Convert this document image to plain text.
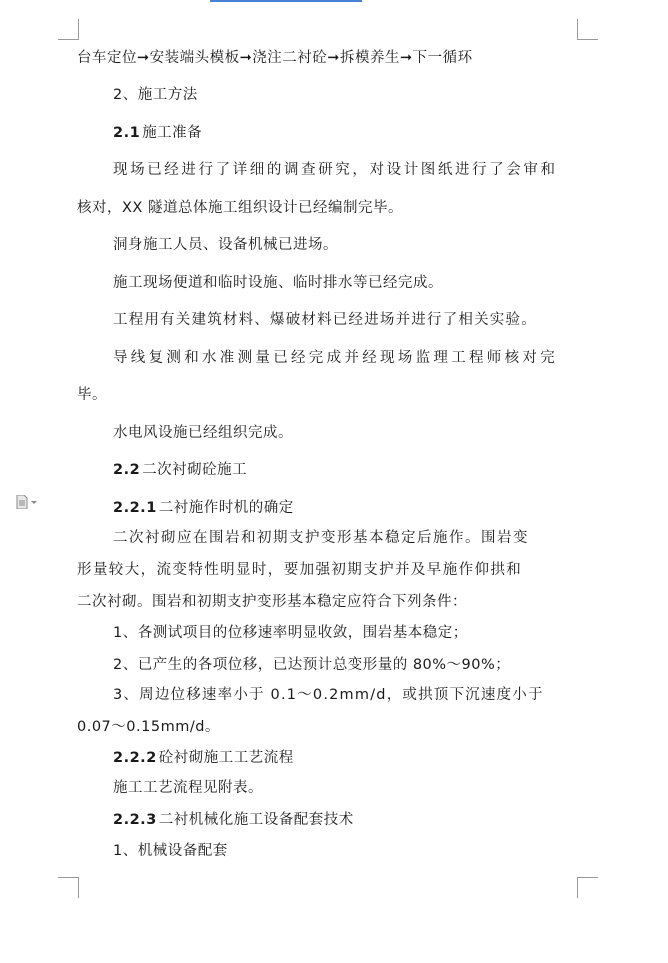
台车定位➞安装端头模板➞浇注二衬砼➞拆模养生➞下一循环
2、施工方法
2.1 施工准备
现场已经进行了详细的调查研究，对设计图纸进行了会审和
核对，XX 隧道总体施工组织设计已经编制完毕。
洞身施工人员、设备机械已进场。
施工现场便道和临时设施、临时排水等已经完成。
工程用有关建筑材料、爆破材料已经进场并进行了相关实验。
导线复测和水准测量已经完成并经现场监理工程师核对完
毕。
水电风设施已经组织完成。
2.2 二次衬砌砼施工
2.2.1 二衬施作时机的确定
二次衬砌应在围岩和初期支护变形基本稳定后施作。围岩变
形量较大，流变特性明显时，要加强初期支护并及早施作仰拱和
二次衬砌。围岩和初期支护变形基本稳定应符合下列条件：
1、各测试项目的位移速率明显收敛，围岩基本稳定；
2、已产生的各项位移，已达预计总变形量的 80%～90%；
3、周边位移速率小于 0.1～0.2mm/d，或拱顶下沉速度小于
0.07～0.15mm/d。
2.2.2 砼衬砌施工工艺流程
施工工艺流程见附表。
2.2.3 二衬机械化施工设备配套技术
1、机械设备配套
